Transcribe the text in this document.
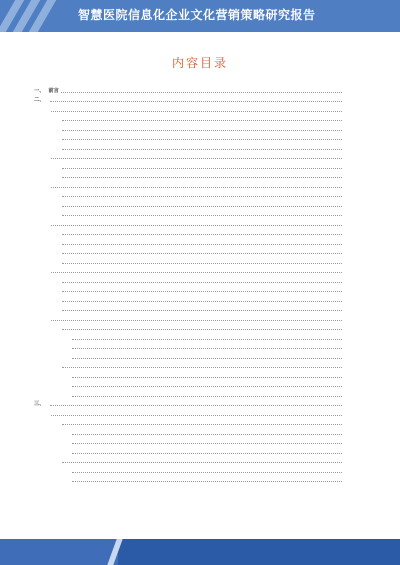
智慧医院信息化企业文化营销策略研究报告
内容目录
一、 前言
二、
三、
